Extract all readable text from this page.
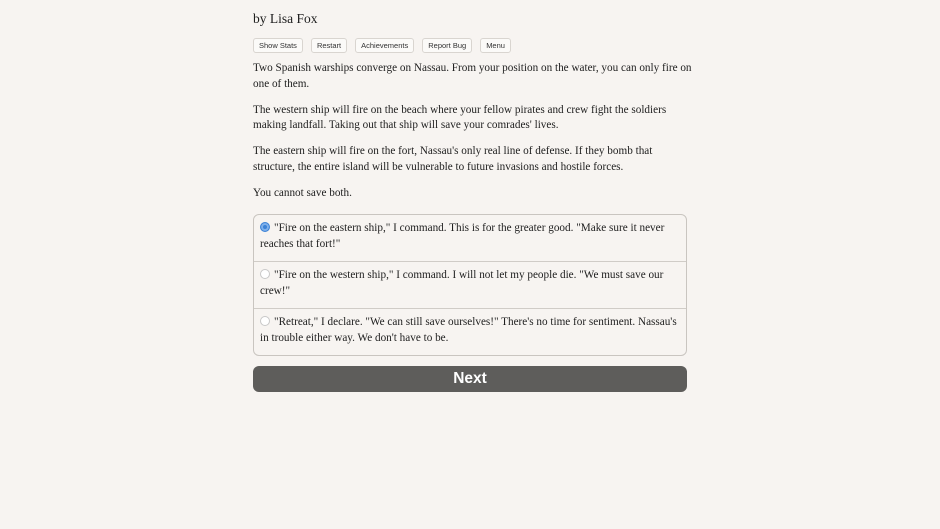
by Lisa Fox
Show Stats	Restart	Achievements	Report Bug	Menu

Two Spanish warships converge on Nassau. From your position on the water, you can only fire on one of them.

The western ship will fire on the beach where your fellow pirates and crew fight the soldiers making landfall. Taking out that ship will save your comrades' lives.

The eastern ship will fire on the fort, Nassau's only real line of defense. If they bomb that structure, the entire island will be vulnerable to future invasions and hostile forces.

You cannot save both.

"Fire on the eastern ship," I command. This is for the greater good. "Make sure it never reaches that fort!"
"Fire on the western ship," I command. I will not let my people die. "We must save our crew!"
"Retreat," I declare. "We can still save ourselves!" There's no time for sentiment. Nassau's in trouble either way. We don't have to be.
Next
